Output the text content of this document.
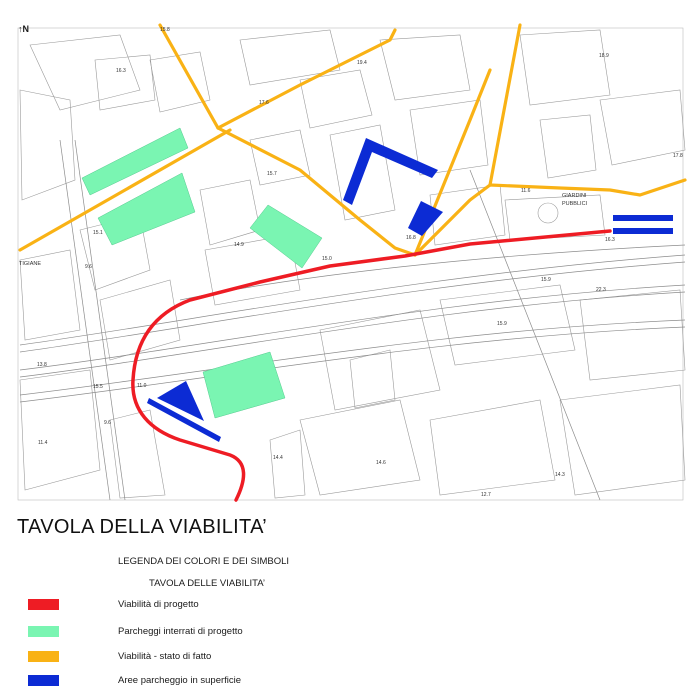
16.3
15.8
19.4
18.9
17.6
17.8
15.7
11.6
16.8	16.3
14.9
15.0
15.1
9.6
15.9
22.3
15.9
13.8
15.5	11.0
9.6
11.4
14.4
14.6
14.3
12.7
GIARDINI
PUBBLICI
TIGIANE
↑N
TAVOLA DELLA VIABILITA’
LEGENDA DEI COLORI E DEI SIMBOLI
TAVOLA DELLE VIABILITA’
Viabilità di progetto
Parcheggi interrati di progetto
Viabilità - stato di fatto
Aree parcheggio in superficie
